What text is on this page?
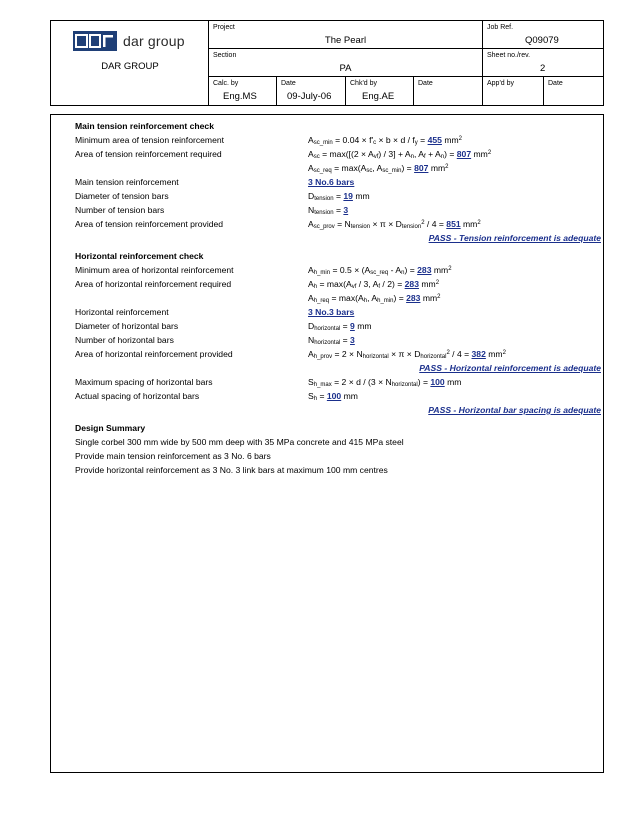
dar group
DAR GROUP
Project
The Pearl
Job Ref.
Q09079
Section
PA
Sheet no./rev.
2
Calc. by
Eng.MS
Date
09-July-06
Chk'd by
Eng.AE
Date	App'd by	Date
Main tension reinforcement check
Minimum area of tension reinforcement	$A_{sc\_min} = 0.04 \times f'_c \times b \times d / f_y = 455$ $mm^2$
Area of tension reinforcement required	$A_{sc} = \max([(2 \times A_{vf}) / 3] + A_n$, $A_f + A_n) = 807$ $mm^2$
$A_{sc\_req} = \max(A_{sc}$, $A_{sc\_min}) = 807$ $mm^2$
Main tension reinforcement	3 No.6 bars
Diameter of tension bars	$D_{tension} = 19$ mm
Number of tension bars	$N_{tension} = 3$
Area of tension reinforcement provided	$A_{sc\_prov} = N_{tension} \times \pi \times D_{tension}^2 / 4 = 851$ $mm^2$
PASS - Tension reinforcement is adequate
Horizontal reinforcement check
Minimum area of horizontal reinforcement	$A_{h\_min} = 0.5 \times (A_{sc\_req} - A_n) = 283$ $mm^2$
Area of horizontal reinforcement required	$A_h = \max(A_{vf} / 3$, $A_f / 2) = 283$ $mm^2$
$A_{h\_req} = \max(A_h$, $A_{h\_min}) = 283$ $mm^2$
Horizontal reinforcement	3 No.3 bars
Diameter of horizontal bars	$D_{horizontal} = 9$ mm
Number of horizontal bars	$N_{horizontal} = 3$
Area of horizontal reinforcement provided	$A_{h\_prov} = 2 \times N_{horizontal} \times \pi \times D_{horizontal}^2 / 4 = 382$ $mm^2$
PASS - Horizontal reinforcement is adequate
Maximum spacing of horizontal bars	$S_{h\_max} = 2 \times d / (3 \times N_{horizontal}) = 100$ mm
Actual spacing of horizontal bars	$S_h = 100$ mm
PASS - Horizontal bar spacing is adequate
Design Summary
Single corbel 300 mm wide by 500 mm deep with 35 MPa concrete and 415 MPa steel
Provide main tension reinforcement as 3 No. 6 bars
Provide horizontal reinforcement as 3 No. 3 link bars at maximum 100 mm centres
